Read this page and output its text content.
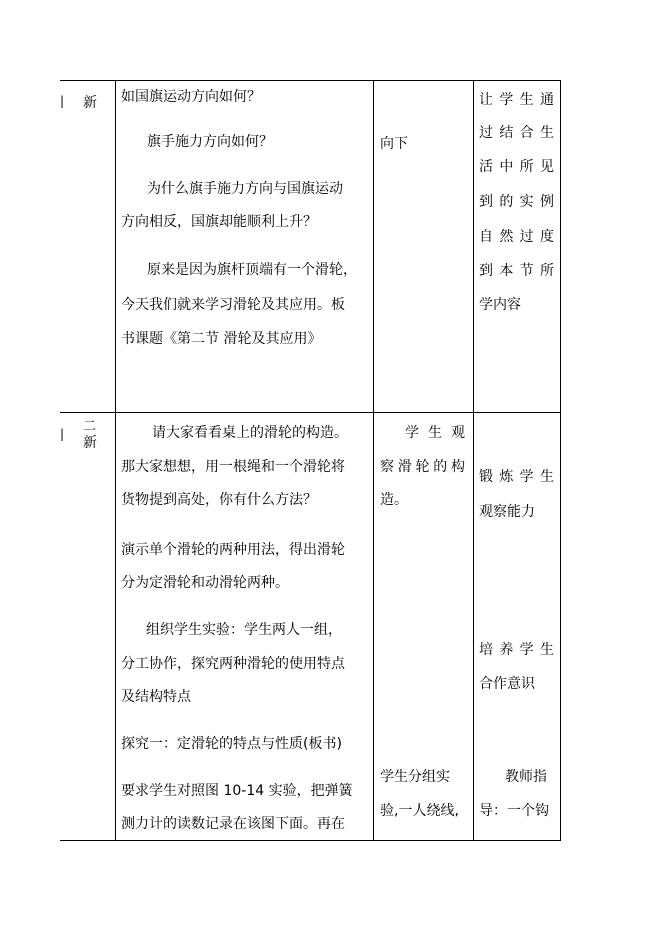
| 新 如国旗运动方向如何？
旗手施力方向如何？
为什么旗手施力方向与国旗运动
方向相反，国旗却能顺利上升？
原来是因为旗杆顶端有一个滑轮，
今天我们就来学习滑轮及其应用。板
书课题《第二节 滑轮及其应用》
向下
让学生通
过结合生
活中所见
到的实例
自然过度
到本节所
学内容
| 二
新
请大家看看桌上的滑轮的构造。
那大家想想，用一根绳和一个滑轮将
货物提到高处，你有什么方法？
演示单个滑轮的两种用法，得出滑轮
分为定滑轮和动滑轮两种。
组织学生实验：学生两人一组，
分工协作，探究两种滑轮的使用特点
及结构特点
探究一：定滑轮的特点与性质(板书)
要求学生对照图 10-14 实验，把弹簧
测力计的读数记录在该图下面。再在
学生观
察滑轮的构
造。
学生分组实
验,一人绕线,
锻炼学生
观察能力
培养学生
合作意识
教师指
导：一个钩
